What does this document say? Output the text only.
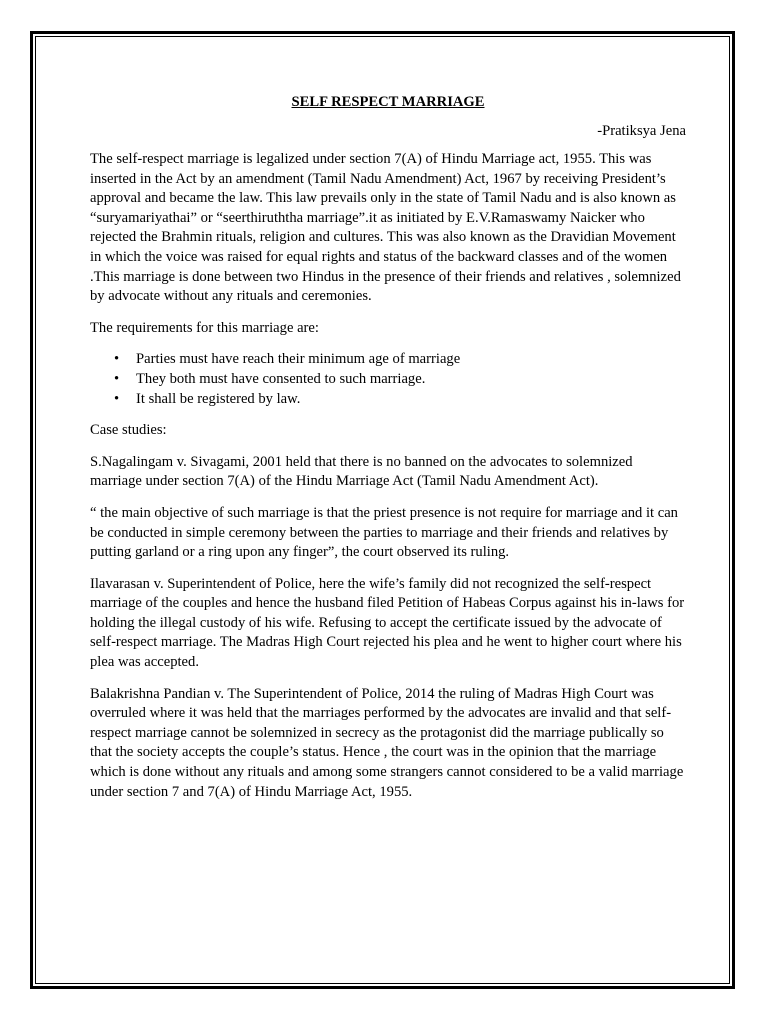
SELF RESPECT MARRIAGE

-Pratiksya Jena

The self-respect marriage is legalized under section 7(A) of Hindu Marriage act, 1955. This was inserted in the Act by an amendment (Tamil Nadu Amendment) Act, 1967 by receiving President’s approval and became the law. This law prevails only in the state of Tamil Nadu and is also known as “suryamariyathai” or “seerthiruththa marriage”.it as initiated by E.V.Ramaswamy Naicker who rejected the Brahmin rituals, religion and cultures. This was also known as the Dravidian Movement in which the voice was raised for equal rights and status of the backward classes and of the women .This marriage is done between two Hindus in the presence of their friends and relatives , solemnized by advocate without any rituals and ceremonies.

The requirements for this marriage are:

• Parties must have reach their minimum age of marriage
• They both must have consented to such marriage.
• It shall be registered by law.

Case studies:

S.Nagalingam v. Sivagami, 2001 held that there is no banned on the advocates to solemnized marriage under section 7(A) of the Hindu Marriage Act (Tamil Nadu Amendment Act).

“ the main objective of such marriage is that the priest presence is not require for marriage and it can be conducted in simple ceremony between the parties to marriage and their friends and relatives by putting garland or a ring upon any finger”, the court observed its ruling.

Ilavarasan v. Superintendent of Police, here the wife’s family did not recognized the self-respect marriage of the couples and hence the husband filed Petition of Habeas Corpus against his in-laws for holding the illegal custody of his wife. Refusing to accept the certificate issued by the advocate of self-respect marriage. The Madras High Court rejected his plea and he went to higher court where his plea was accepted.

Balakrishna Pandian v. The Superintendent of Police, 2014 the ruling of Madras High Court was overruled where it was held that the marriages performed by the advocates are invalid and that self-respect marriage cannot be solemnized in secrecy as the protagonist did the marriage publically so that the society accepts the couple’s status. Hence , the court was in the opinion that the marriage which is done without any rituals and among some strangers cannot considered to be a valid marriage under section 7 and 7(A) of Hindu Marriage Act, 1955.
